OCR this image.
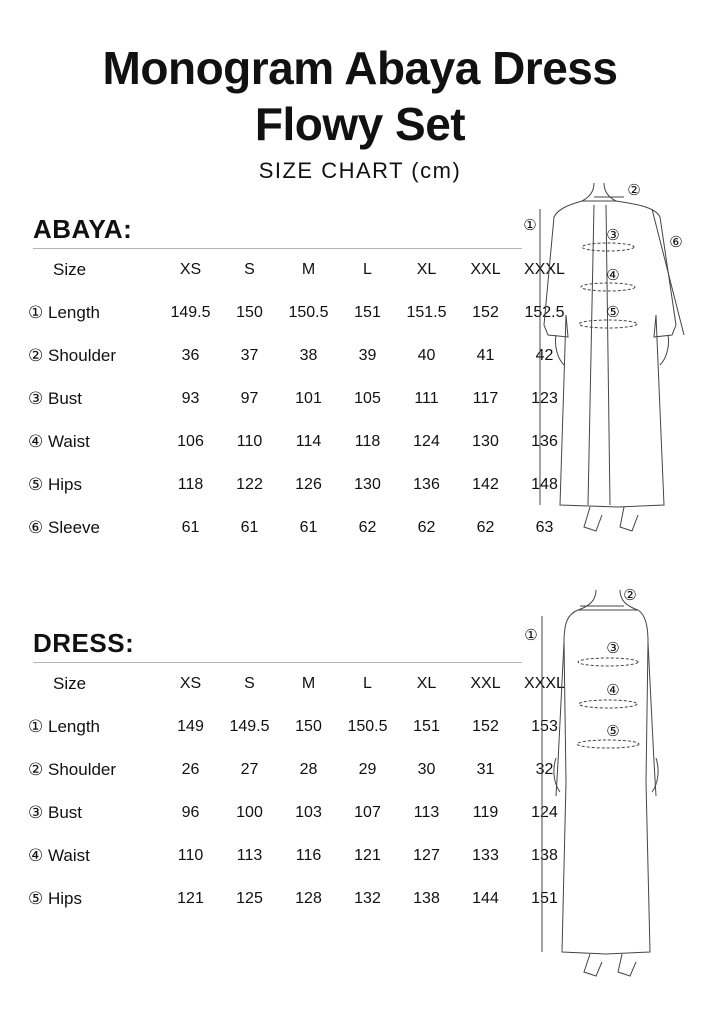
Monogram Abaya Dress
Flowy Set
SIZE CHART (cm)
ABAYA:
Size	XS	S	M	L	XL	XXL	XXXL
① Length	149.5	150	150.5	151	151.5	152	152.5
② Shoulder	36	37	38	39	40	41	42
③ Bust	93	97	101	105	111	117	123
④ Waist	106	110	114	118	124	130	136
⑤ Hips	118	122	126	130	136	142	148
⑥ Sleeve	61	61	61	62	62	62	63
①
②
③
④
⑤
⑥
DRESS:
Size	XS	S	M	L	XL	XXL	XXXL
① Length	149	149.5	150	150.5	151	152	153
② Shoulder	26	27	28	29	30	31	32
③ Bust	96	100	103	107	113	119	124
④ Waist	110	113	116	121	127	133	138
⑤ Hips	121	125	128	132	138	144	151
①
②
③
④
⑤
